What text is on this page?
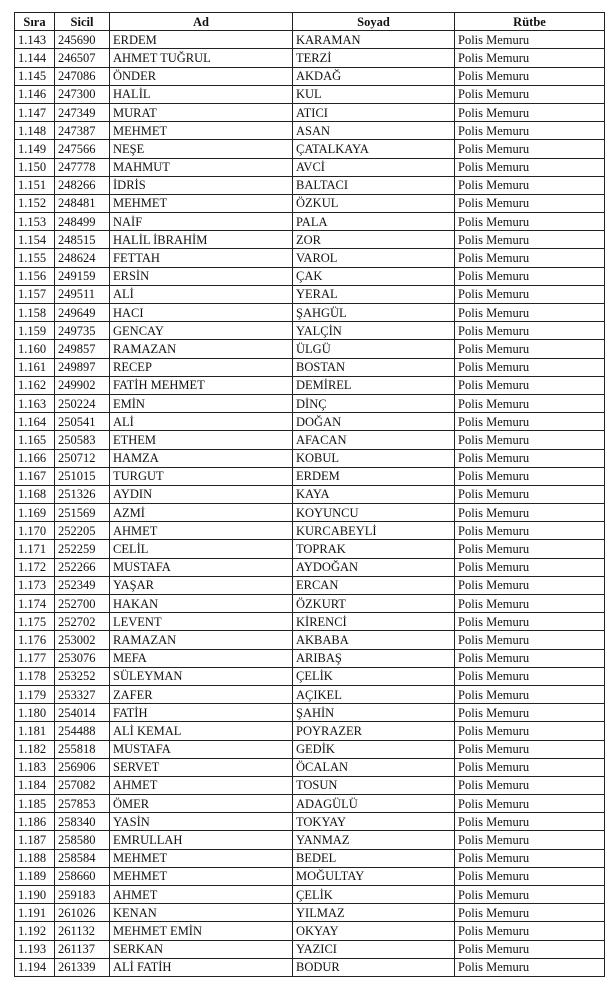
Sıra	Sicil	Ad	Soyad	Rütbe
1.143	245690	ERDEM	KARAMAN	Polis Memuru
1.144	246507	AHMET TUĞRUL	TERZİ	Polis Memuru
1.145	247086	ÖNDER	AKDAĞ	Polis Memuru
1.146	247300	HALİL	KUL	Polis Memuru
1.147	247349	MURAT	ATICI	Polis Memuru
1.148	247387	MEHMET	ASAN	Polis Memuru
1.149	247566	NEŞE	ÇATALKAYA	Polis Memuru
1.150	247778	MAHMUT	AVCİ	Polis Memuru
1.151	248266	İDRİS	BALTACI	Polis Memuru
1.152	248481	MEHMET	ÖZKUL	Polis Memuru
1.153	248499	NAİF	PALA	Polis Memuru
1.154	248515	HALİL İBRAHİM	ZOR	Polis Memuru
1.155	248624	FETTAH	VAROL	Polis Memuru
1.156	249159	ERSİN	ÇAK	Polis Memuru
1.157	249511	ALİ	YERAL	Polis Memuru
1.158	249649	HACI	ŞAHGÜL	Polis Memuru
1.159	249735	GENCAY	YALÇİN	Polis Memuru
1.160	249857	RAMAZAN	ÜLGÜ	Polis Memuru
1.161	249897	RECEP	BOSTAN	Polis Memuru
1.162	249902	FATİH MEHMET	DEMİREL	Polis Memuru
1.163	250224	EMİN	DİNÇ	Polis Memuru
1.164	250541	ALİ	DOĞAN	Polis Memuru
1.165	250583	ETHEM	AFACAN	Polis Memuru
1.166	250712	HAMZA	KOBUL	Polis Memuru
1.167	251015	TURGUT	ERDEM	Polis Memuru
1.168	251326	AYDIN	KAYA	Polis Memuru
1.169	251569	AZMİ	KOYUNCU	Polis Memuru
1.170	252205	AHMET	KURCABEYLİ	Polis Memuru
1.171	252259	CELİL	TOPRAK	Polis Memuru
1.172	252266	MUSTAFA	AYDOĞAN	Polis Memuru
1.173	252349	YAŞAR	ERCAN	Polis Memuru
1.174	252700	HAKAN	ÖZKURT	Polis Memuru
1.175	252702	LEVENT	KİRENCİ	Polis Memuru
1.176	253002	RAMAZAN	AKBABA	Polis Memuru
1.177	253076	MEFA	ARIBAŞ	Polis Memuru
1.178	253252	SÜLEYMAN	ÇELİK	Polis Memuru
1.179	253327	ZAFER	AÇIKEL	Polis Memuru
1.180	254014	FATİH	ŞAHİN	Polis Memuru
1.181	254488	ALİ KEMAL	POYRAZER	Polis Memuru
1.182	255818	MUSTAFA	GEDİK	Polis Memuru
1.183	256906	SERVET	ÖCALAN	Polis Memuru
1.184	257082	AHMET	TOSUN	Polis Memuru
1.185	257853	ÖMER	ADAGÜLÜ	Polis Memuru
1.186	258340	YASİN	TOKYAY	Polis Memuru
1.187	258580	EMRULLAH	YANMAZ	Polis Memuru
1.188	258584	MEHMET	BEDEL	Polis Memuru
1.189	258660	MEHMET	MOĞULTAY	Polis Memuru
1.190	259183	AHMET	ÇELİK	Polis Memuru
1.191	261026	KENAN	YILMAZ	Polis Memuru
1.192	261132	MEHMET EMİN	OKYAY	Polis Memuru
1.193	261137	SERKAN	YAZICI	Polis Memuru
1.194	261339	ALİ FATİH	BODUR	Polis Memuru
